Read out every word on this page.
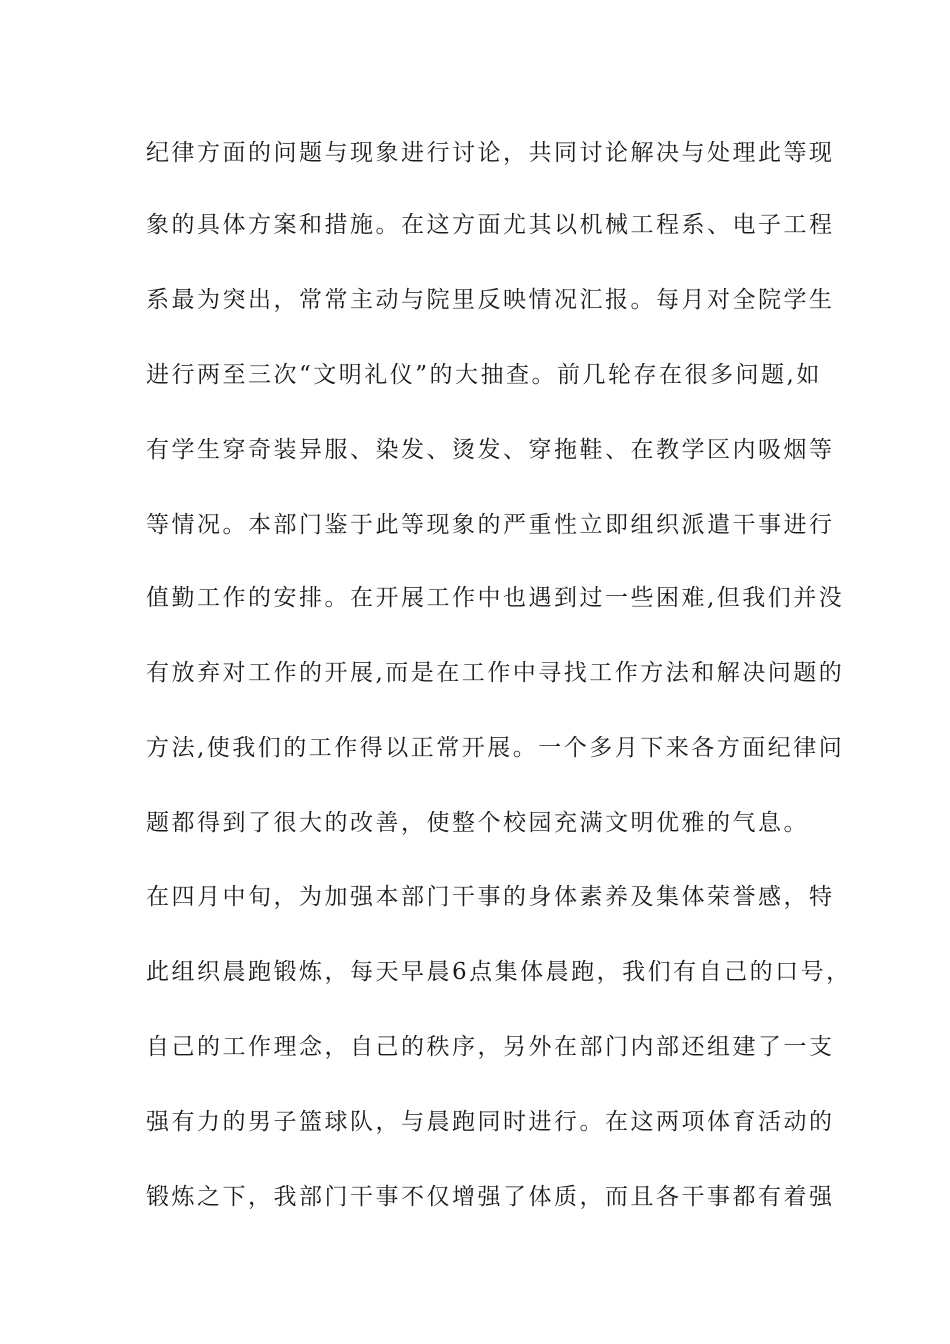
纪律方面的问题与现象进行讨论，共同讨论解决与处理此等现
象的具体方案和措施。在这方面尤其以机械工程系、电子工程
系最为突出，常常主动与院里反映情况汇报。每月对全院学生
进行两至三次“文明礼仪”的大抽查。前几轮存在很多问题,如
有学生穿奇装异服、染发、烫发、穿拖鞋、在教学区内吸烟等
等情况。本部门鉴于此等现象的严重性立即组织派遣干事进行
值勤工作的安排。在开展工作中也遇到过一些困难,但我们并没
有放弃对工作的开展,而是在工作中寻找工作方法和解决问题的
方法,使我们的工作得以正常开展。一个多月下来各方面纪律问
题都得到了很大的改善，使整个校园充满文明优雅的气息。
在四月中旬，为加强本部门干事的身体素养及集体荣誉感，特
此组织晨跑锻炼，每天早晨6点集体晨跑，我们有自己的口号，
自己的工作理念，自己的秩序，另外在部门内部还组建了一支
强有力的男子篮球队，与晨跑同时进行。在这两项体育活动的
锻炼之下，我部门干事不仅增强了体质，而且各干事都有着强
